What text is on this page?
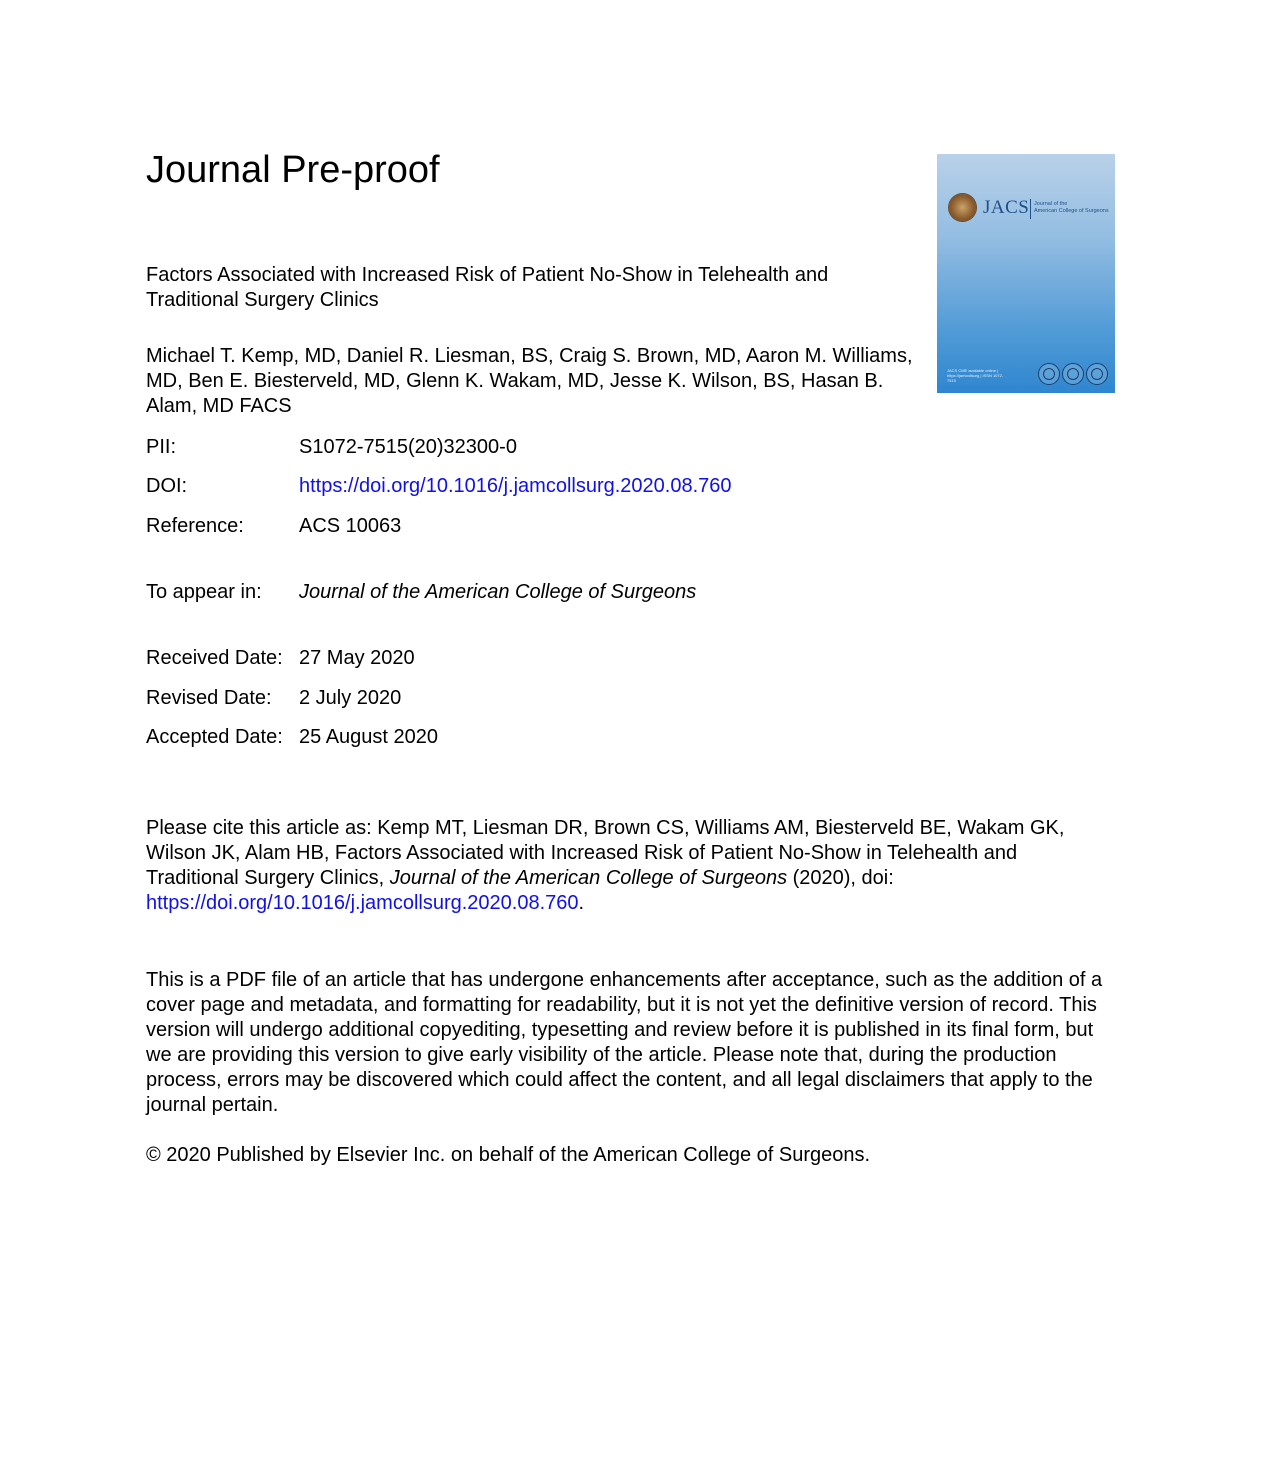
Journal Pre-proof
JACS Journal of the
American College of Surgeons
JACS CME available online | https://jamcollsurg | ISSN 1072-7515
Factors Associated with Increased Risk of Patient No-Show in Telehealth and Traditional Surgery Clinics
Michael T. Kemp, MD, Daniel R. Liesman, BS, Craig S. Brown, MD, Aaron M. Williams, MD, Ben E. Biesterveld, MD, Glenn K. Wakam, MD, Jesse K. Wilson, BS, Hasan B. Alam, MD FACS
PII:	S1072-7515(20)32300-0
DOI:	https://doi.org/10.1016/j.jamcollsurg.2020.08.760
Reference:	ACS 10063
To appear in: Journal of the American College of Surgeons
Received Date: 27 May 2020
Revised Date: 2 July 2020
Accepted Date: 25 August 2020
Please cite this article as: Kemp MT, Liesman DR, Brown CS, Williams AM, Biesterveld BE, Wakam GK, Wilson JK, Alam HB, Factors Associated with Increased Risk of Patient No-Show in Telehealth and Traditional Surgery Clinics, Journal of the American College of Surgeons (2020), doi: https://doi.org/10.1016/j.jamcollsurg.2020.08.760.
This is a PDF file of an article that has undergone enhancements after acceptance, such as the addition of a cover page and metadata, and formatting for readability, but it is not yet the definitive version of record. This version will undergo additional copyediting, typesetting and review before it is published in its final form, but we are providing this version to give early visibility of the article. Please note that, during the production process, errors may be discovered which could affect the content, and all legal disclaimers that apply to the journal pertain.
© 2020 Published by Elsevier Inc. on behalf of the American College of Surgeons.
